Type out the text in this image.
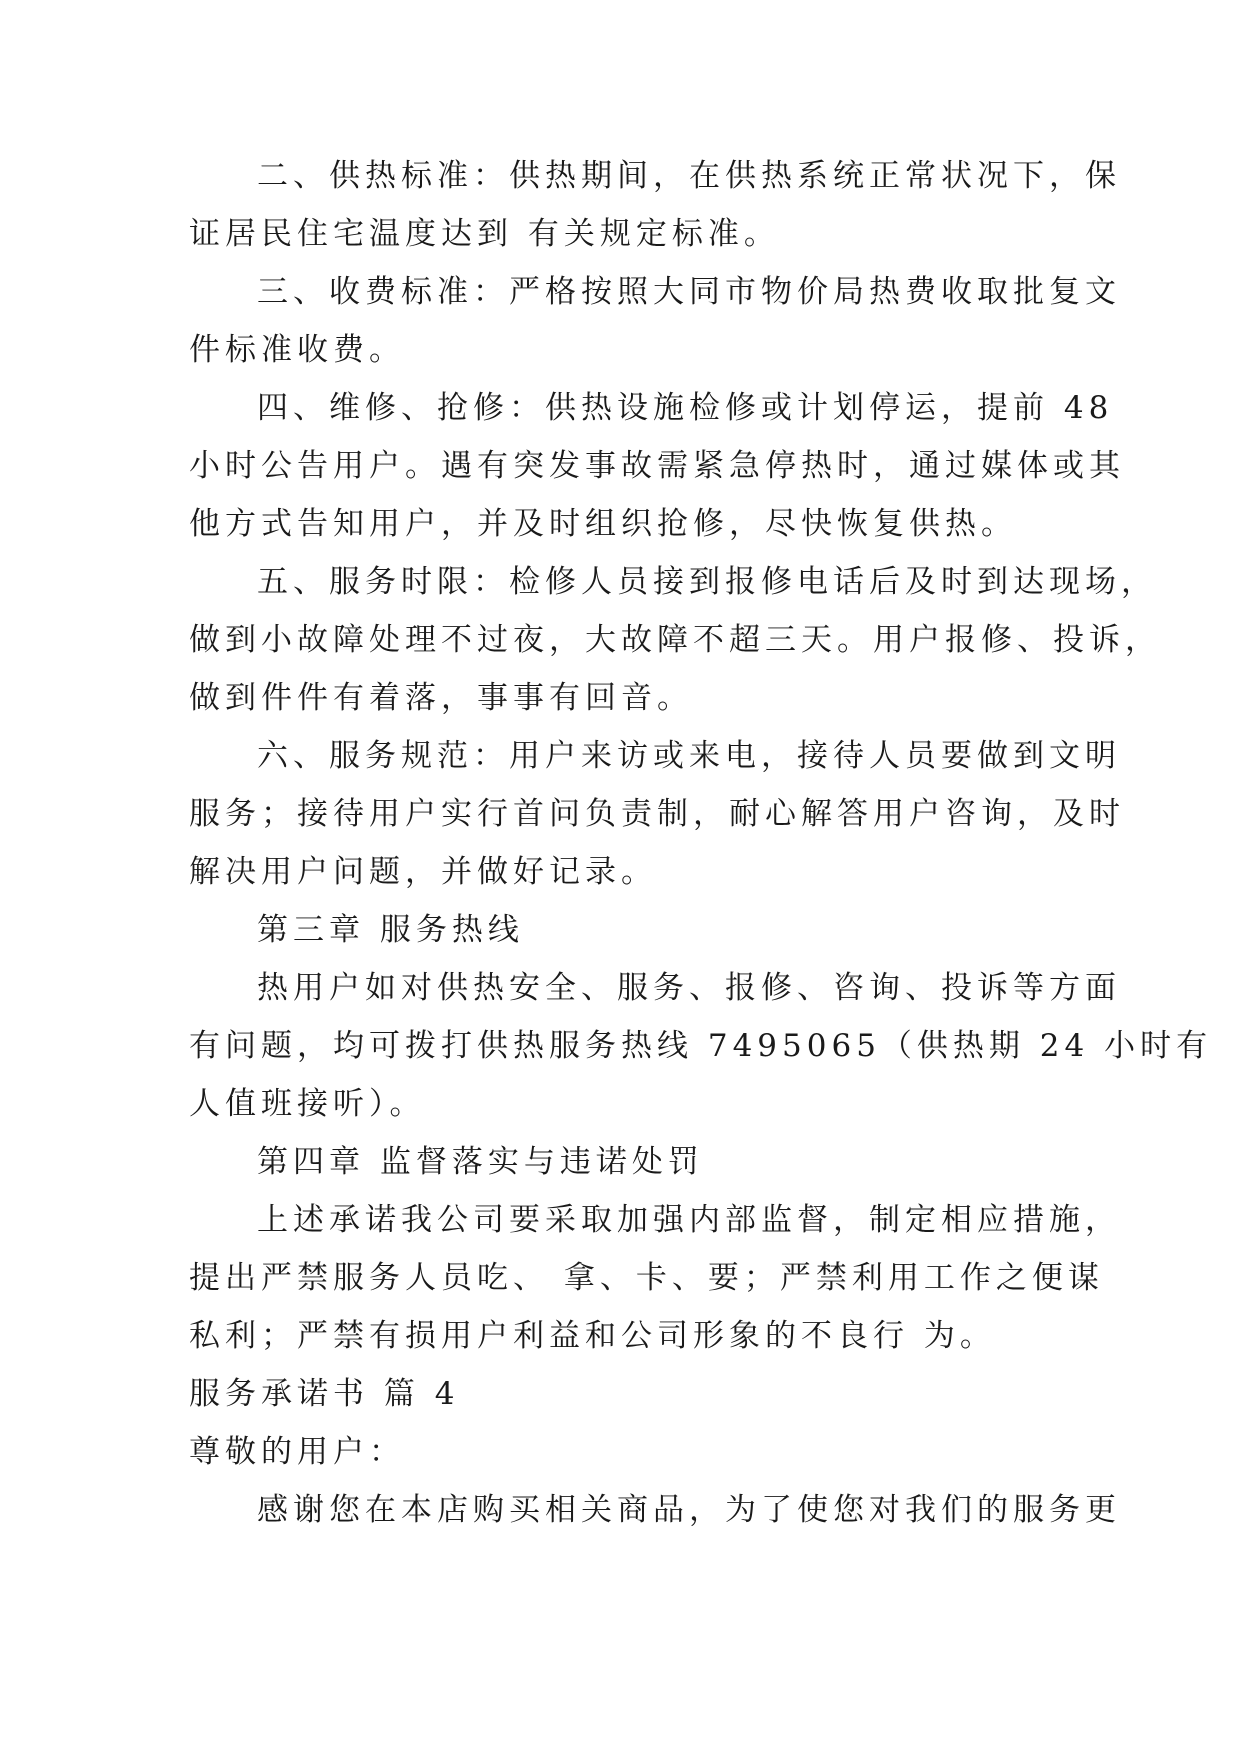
二、供热标准：供热期间，在供热系统正常状况下，保
证居民住宅温度达到 有关规定标准。
三、收费标准：严格按照大同市物价局热费收取批复文
件标准收费。
四、维修、抢修：供热设施检修或计划停运，提前 48
小时公告用户。遇有突发事故需紧急停热时，通过媒体或其
他方式告知用户，并及时组织抢修，尽快恢复供热。
五、服务时限：检修人员接到报修电话后及时到达现场，
做到小故障处理不过夜，大故障不超三天。用户报修、投诉，
做到件件有着落，事事有回音。
六、服务规范：用户来访或来电，接待人员要做到文明
服务；接待用户实行首问负责制，耐心解答用户咨询，及时
解决用户问题，并做好记录。
第三章 服务热线
热用户如对供热安全、服务、报修、咨询、投诉等方面
有问题，均可拨打供热服务热线 7495065（供热期 24 小时有
人值班接听）。
第四章 监督落实与违诺处罚
上述承诺我公司要采取加强内部监督，制定相应措施，
提出严禁服务人员吃、 拿、卡、要；严禁利用工作之便谋
私利；严禁有损用户利益和公司形象的不良行 为。
服务承诺书 篇 4
尊敬的用户：
感谢您在本店购买相关商品，为了使您对我们的服务更
